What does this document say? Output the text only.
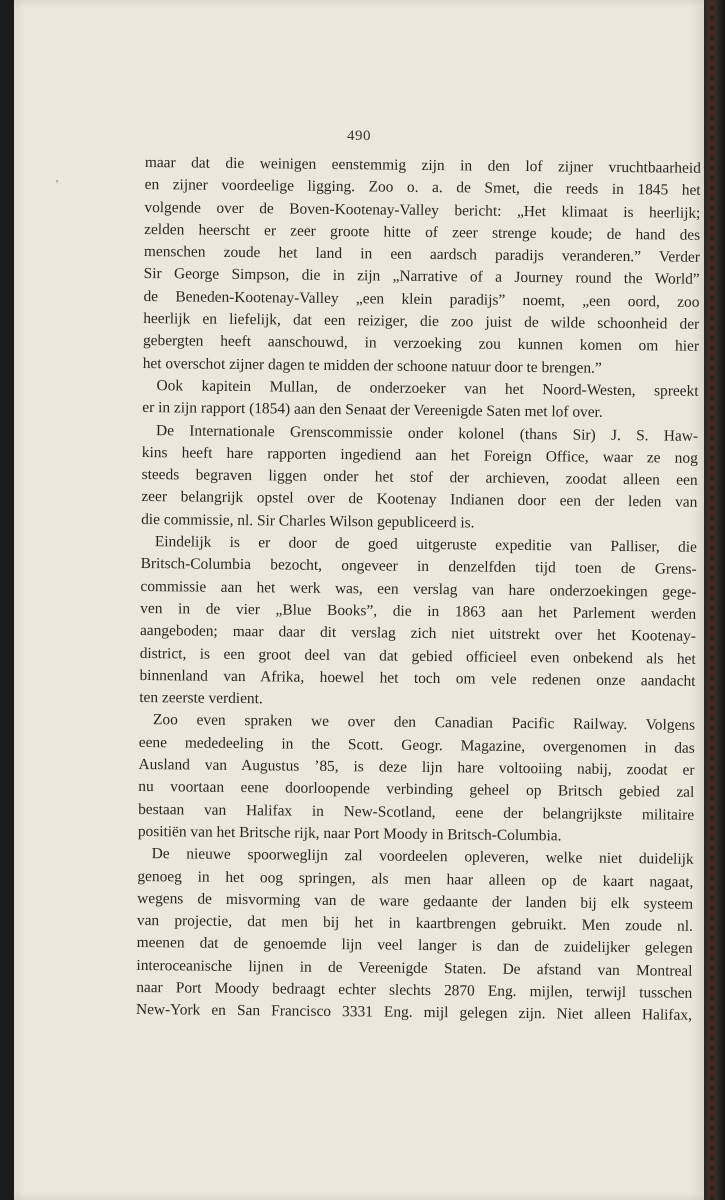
490
‚
maar dat die weinigen eenstemmig zijn in den lof zijner vruchtbaarheid
en zijner voordeelige ligging. Zoo o. a. de Smet, die reeds in 1845 het
volgende over de Boven-Kootenay-Valley bericht: „Het klimaat is heerlijk;
zelden heerscht er zeer groote hitte of zeer strenge koude; de hand des
menschen zoude het land in een aardsch paradijs veranderen.” Verder
Sir George Simpson, die in zijn „Narrative of a Journey round the World”
de Beneden-Kootenay-Valley „een klein paradijs” noemt, „een oord, zoo
heerlijk en liefelijk, dat een reiziger, die zoo juist de wilde schoonheid der
gebergten heeft aanschouwd, in verzoeking zou kunnen komen om hier
het overschot zijner dagen te midden der schoone natuur door te brengen.”
Ook kapitein Mullan, de onderzoeker van het Noord-Westen, spreekt
er in zijn rapport (1854) aan den Senaat der Vereenigde Saten met lof over.
De Internationale Grenscommissie onder kolonel (thans Sir) J. S. Haw-
kins heeft hare rapporten ingediend aan het Foreign Office, waar ze nog
steeds begraven liggen onder het stof der archieven, zoodat alleen een
zeer belangrijk opstel over de Kootenay Indianen door een der leden van
die commissie, nl. Sir Charles Wilson gepubliceerd is.
Eindelijk is er door de goed uitgeruste expeditie van Palliser, die
Britsch-Columbia bezocht, ongeveer in denzelfden tijd toen de Grens-
commissie aan het werk was, een verslag van hare onderzoekingen gege-
ven in de vier „Blue Books”, die in 1863 aan het Parlement werden
aangeboden; maar daar dit verslag zich niet uitstrekt over het Kootenay-
district, is een groot deel van dat gebied officieel even onbekend als het
binnenland van Afrika, hoewel het toch om vele redenen onze aandacht
ten zeerste verdient.
Zoo even spraken we over den Canadian Pacific Railway. Volgens
eene mededeeling in the Scott. Geogr. Magazine, overgenomen in das
Ausland van Augustus ’85, is deze lijn hare voltooiing nabij, zoodat er
nu voortaan eene doorloopende verbinding geheel op Britsch gebied zal
bestaan van Halifax in New-Scotland, eene der belangrijkste militaire
positiën van het Britsche rijk, naar Port Moody in Britsch-Columbia.
De nieuwe spoorweglijn zal voordeelen opleveren, welke niet duidelijk
genoeg in het oog springen, als men haar alleen op de kaart nagaat,
wegens de misvorming van de ware gedaante der landen bij elk systeem
van projectie, dat men bij het in kaartbrengen gebruikt. Men zoude nl.
meenen dat de genoemde lijn veel langer is dan de zuidelijker gelegen
interoceanische lijnen in de Vereenigde Staten. De afstand van Montreal
naar Port Moody bedraagt echter slechts 2870 Eng. mijlen, terwijl tusschen
New-York en San Francisco 3331 Eng. mijl gelegen zijn. Niet alleen Halifax,
